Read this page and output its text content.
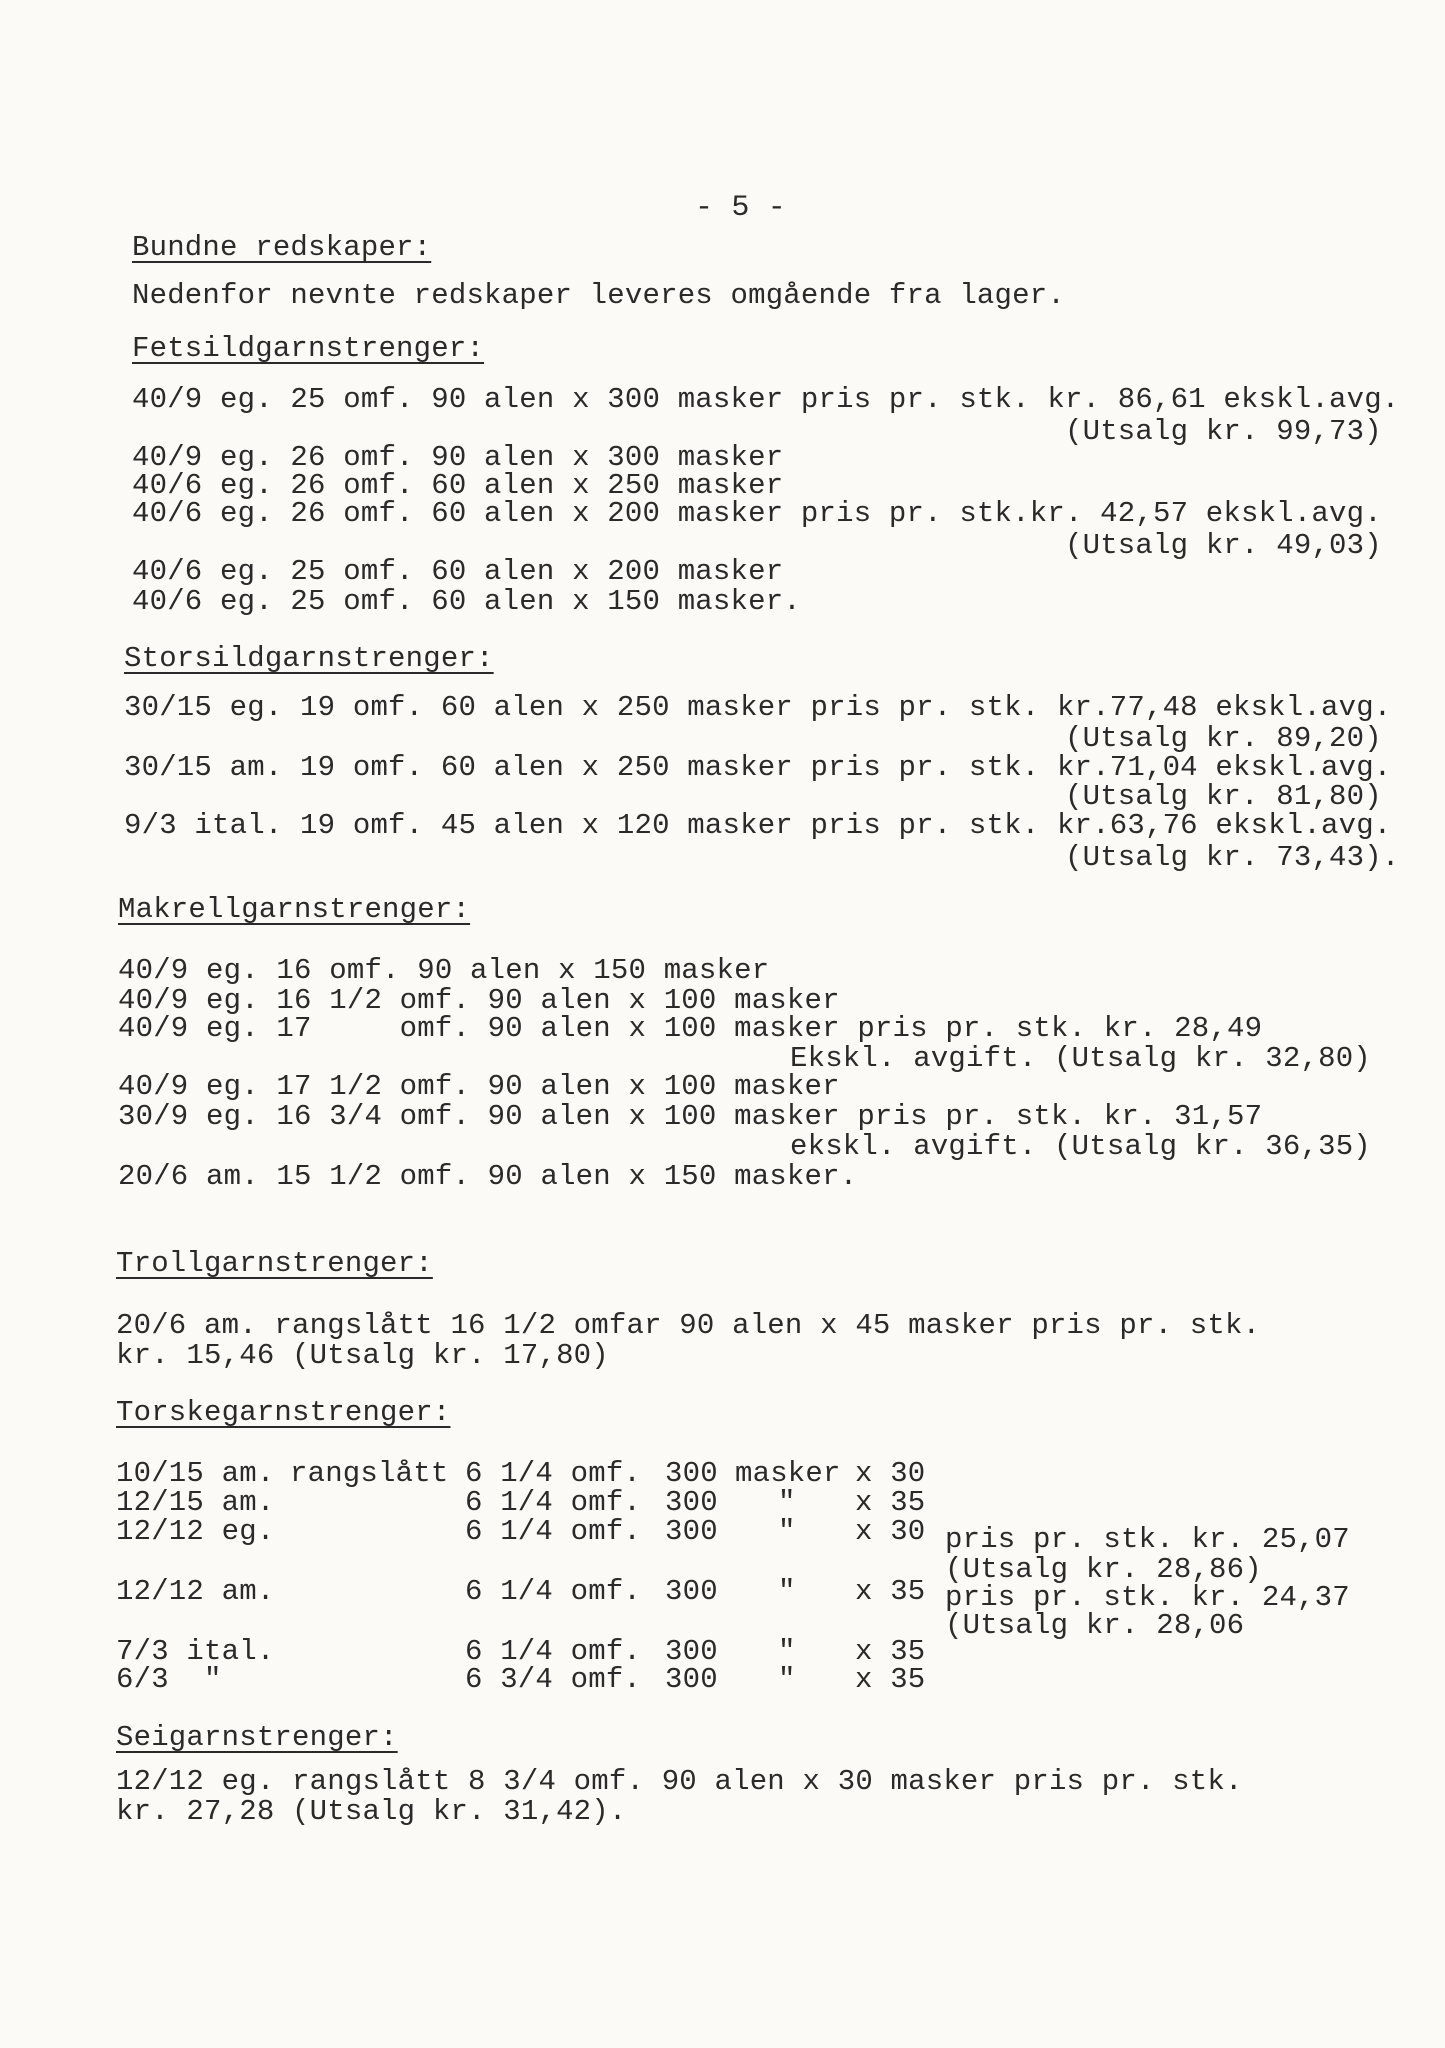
- 5 -
Bundne redskaper:
Nedenfor nevnte redskaper leveres omgående fra lager.
Fetsildgarnstrenger:
40/9 eg. 25 omf. 90 alen x 300 masker pris pr. stk. kr. 86,61 ekskl.avg.
(Utsalg kr. 99,73)
40/9 eg. 26 omf. 90 alen x 300 masker
40/6 eg. 26 omf. 60 alen x 250 masker
40/6 eg. 26 omf. 60 alen x 200 masker pris pr. stk.kr. 42,57 ekskl.avg.
(Utsalg kr. 49,03)
40/6 eg. 25 omf. 60 alen x 200 masker
40/6 eg. 25 omf. 60 alen x 150 masker.
Storsildgarnstrenger:
30/15 eg. 19 omf. 60 alen x 250 masker pris pr. stk. kr.77,48 ekskl.avg.
(Utsalg kr. 89,20)
30/15 am. 19 omf. 60 alen x 250 masker pris pr. stk. kr.71,04 ekskl.avg.
(Utsalg kr. 81,80)
9/3 ital. 19 omf. 45 alen x 120 masker pris pr. stk. kr.63,76 ekskl.avg.
(Utsalg kr. 73,43).
Makrellgarnstrenger:
40/9 eg. 16 omf. 90 alen x 150 masker
40/9 eg. 16 1/2 omf. 90 alen x 100 masker
40/9 eg. 17     omf. 90 alen x 100 masker pris pr. stk. kr. 28,49
Ekskl. avgift. (Utsalg kr. 32,80)
40/9 eg. 17 1/2 omf. 90 alen x 100 masker
30/9 eg. 16 3/4 omf. 90 alen x 100 masker pris pr. stk. kr. 31,57
ekskl. avgift. (Utsalg kr. 36,35)
20/6 am. 15 1/2 omf. 90 alen x 150 masker.
Trollgarnstrenger:
20/6 am. rangslått 16 1/2 omfar 90 alen x 45 masker pris pr. stk.
kr. 15,46 (Utsalg kr. 17,80)
Torskegarnstrenger:
10/15 am. rangslått 6 1/4 omf. 300 masker x 30
12/15 am.	6 1/4 omf. 300 " x 35
12/12 eg.	6 1/4 omf. 300 " x 30 pris pr. stk. kr. 25,07
(Utsalg kr. 28,86)
12/12 am.	6 1/4 omf. 300 " x 35 pris pr. stk. kr. 24,37
(Utsalg kr. 28,06
7/3 ital.	6 1/4 omf. 300 " x 35
6/3  "	6 3/4 omf. 300 " x 35
Seigarnstrenger:
12/12 eg. rangslått 8 3/4 omf. 90 alen x 30 masker pris pr. stk.
kr. 27,28 (Utsalg kr. 31,42).
